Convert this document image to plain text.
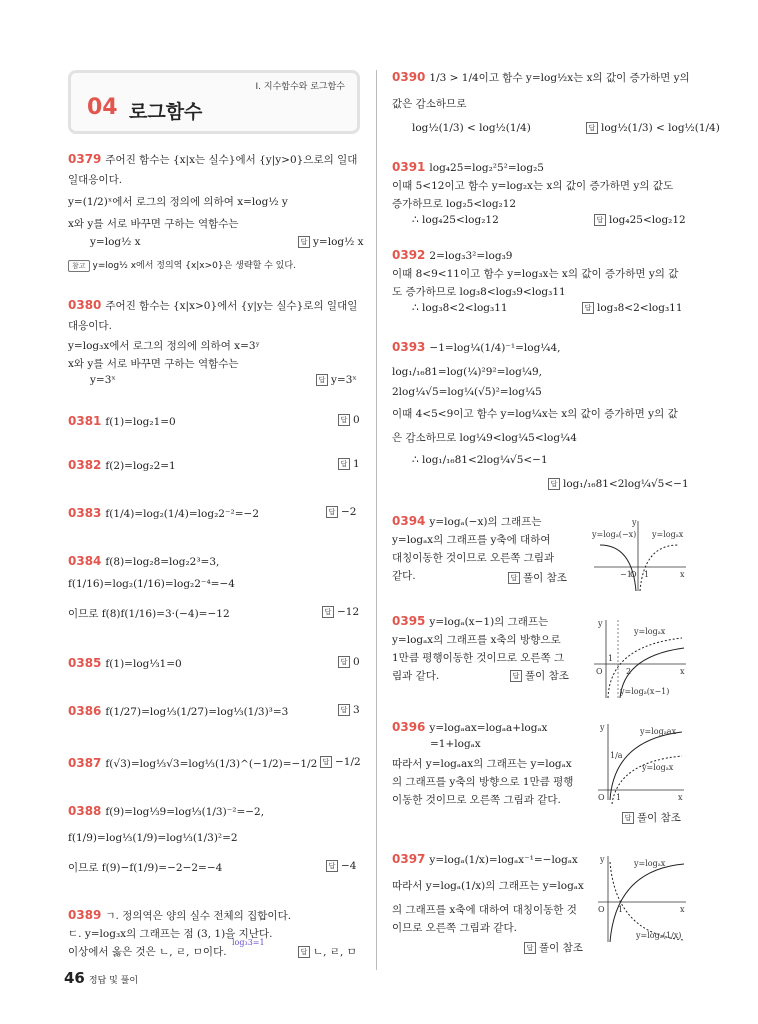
Ⅰ. 지수함수와 로그함수
04 로그함수
0379 주어진 함수는 {x|x는 실수}에서 {y|y>0}으로의 일대
일대응이다.
y=(1/2)ˣ에서 로그의 정의에 의하여 x=log½ y
x와 y를 서로 바꾸면 구하는 역함수는
y=log½ x	답 y=log½ x
참고 y=log½ x에서 정의역 {x|x>0}은 생략할 수 있다.
0380 주어진 함수는 {x|x>0}에서 {y|y는 실수}로의 일대일
대응이다.
y=log₃x에서 로그의 정의에 의하여 x=3ʸ
x와 y를 서로 바꾸면 구하는 역함수는
y=3ˣ	답 y=3ˣ
0381 f(1)=log₂1=0	답 0
0382 f(2)=log₂2=1	답 1
0383 f(1/4)=log₂(1/4)=log₂2⁻²=−2	답 −2
0384 f(8)=log₂8=log₂2³=3,
f(1/16)=log₂(1/16)=log₂2⁻⁴=−4
이므로 f(8)f(1/16)=3·(−4)=−12	답 −12
0385 f(1)=log⅓1=0	답 0
0386 f(1/27)=log⅓(1/27)=log⅓(1/3)³=3	답 3
0387 f(√3)=log⅓√3=log⅓(1/3)^(−1/2)=−1/2 답 −1/2
0388 f(9)=log⅓9=log⅓(1/3)⁻²=−2,
f(1/9)=log⅓(1/9)=log⅓(1/3)²=2
이므로 f(9)−f(1/9)=−2−2=−4	답 −4
0389 ㄱ. 정의역은 양의 실수 전체의 집합이다.
ㄷ. y=log₃x의 그래프는 점 (3, 1)을 지난다.
이상에서 옳은 것은 ㄴ, ㄹ, ㅁ이다.
log₃3=1
답 ㄴ, ㄹ, ㅁ
0390 1/3 > 1/4이고 함수 y=log½x는 x의 값이 증가하면 y의
값은 감소하므로
log½(1/3) < log½(1/4)	답 log½(1/3) < log½(1/4)
0391 log₄25=log₂²5²=log₂5
이때 5<12이고 함수 y=log₂x는 x의 값이 증가하면 y의 값도
증가하므로 log₂5<log₂12
∴ log₄25<log₂12	답 log₄25<log₂12
0392 2=log₃3²=log₃9
이때 8<9<11이고 함수 y=log₃x는 x의 값이 증가하면 y의 값
도 증가하므로 log₃8<log₃9<log₃11
∴ log₃8<2<log₃11	답 log₃8<2<log₃11
0393 −1=log¼(1/4)⁻¹=log¼4,
log₁/₁₆81=log(¼)²9²=log¼9,
2log¼√5=log¼(√5)²=log¼5
이때 4<5<9이고 함수 y=log¼x는 x의 값이 증가하면 y의 값
은 감소하므로 log¼9<log¼5<log¼4
∴ log₁/₁₆81<2log¼√5<−1
답 log₁/₁₆81<2log¼√5<−1
0394 y=logₐ(−x)의 그래프는
y=logₐx의 그래프를 y축에 대하여
대칭이동한 것이므로 오른쪽 그림과
같다.	답 풀이 참조
y=logₐ(−x) y=logₐx
−1
O 1	x
y
0395 y=logₐ(x−1)의 그래프는
y=logₐx의 그래프를 x축의 방향으로
1만큼 평행이동한 것이므로 오른쪽 그
림과 같다.	답 풀이 참조
y=logₐx
y=logₐ(x−1)
O
1
2	x
y
0396 y=logₐax=logₐa+logₐx
=1+logₐx
따라서 y=logₐax의 그래프는 y=logₐx
의 그래프를 y축의 방향으로 1만큼 평행
이동한 것이므로 오른쪽 그림과 같다.
답 풀이 참조
y=logₐax
y=logₐx
1/a
O 1	x
y
0397 y=logₐ(1/x)=logₐx⁻¹=−logₐx
따라서 y=logₐ(1/x)의 그래프는 y=logₐx
의 그래프를 x축에 대하여 대칭이동한 것
이므로 오른쪽 그림과 같다.
답 풀이 참조
y=logₐx
y=logₐ(1/x)
O 1	x
y
46 정답 및 풀이
